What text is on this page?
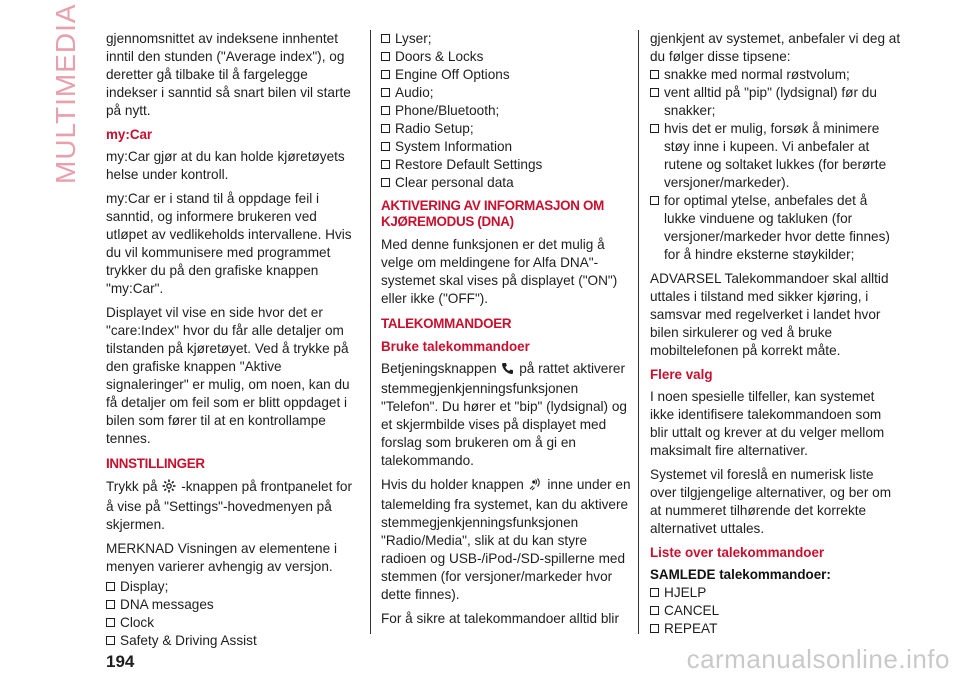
MULTIMEDIA gjennomsnittet av indeksene innhentet inntil den stunden ("Average index"), og deretter gå tilbake til å fargelegge indekser i sanntid så snart bilen vil starte på nytt.

my:Car

my:Car gjør at du kan holde kjøretøyets helse under kontroll.

my:Car er i stand til å oppdage feil i sanntid, og informere brukeren ved utløpet av vedlikeholds intervallene. Hvis du vil kommunisere med programmet trykker du på den grafiske knappen "my:Car".

Displayet vil vise en side hvor det er "care:Index" hvor du får alle detaljer om tilstanden på kjøretøyet. Ved å trykke på den grafiske knappen "Aktive signaleringer" er mulig, om noen, kan du få detaljer om feil som er blitt oppdaget i bilen som fører til at en kontrollampe tennes.

INNSTILLINGER

Trykk på -knappen på frontpanelet for å vise på "Settings"-hovedmenyen på skjermen.

MERKNAD Visningen av elementene i menyen varierer avhengig av versjon.

Display;
DNA messages
Clock
Safety & Driving Assist
Lyser;
Doors & Locks
Engine Off Options
Audio;
Phone/Bluetooth;
Radio Setup;
System Information
Restore Default Settings
Clear personal data
AKTIVERING AV INFORMASJON OM KJØREMODUS (DNA)

Med denne funksjonen er det mulig å velge om meldingene for Alfa DNA"-systemet skal vises på displayet ("ON") eller ikke ("OFF").

TALEKOMMANDOER
Bruke talekommandoer

Betjeningsknappen på rattet aktiverer stemmegjenkjenningsfunksjonen "Telefon". Du hører et "bip" (lydsignal) og et skjermbilde vises på displayet med forslag som brukeren om å gi en talekommando.

Hvis du holder knappen inne under en talemelding fra systemet, kan du aktivere stemmegjenkjenningsfunksjonen "Radio/Media", slik at du kan styre radioen og USB-/iPod-/SD-spillerne med stemmen (for versjoner/markeder hvor dette finnes).

For å sikre at talekommandoer alltid blir

gjenkjent av systemet, anbefaler vi deg at du følger disse tipsene:

snakke med normal røstvolum;
vent alltid på "pip" (lydsignal) før du snakker;
hvis det er mulig, forsøk å minimere støy inne i kupeen. Vi anbefaler at rutene og soltaket lukkes (for berørte versjoner/markeder).
for optimal ytelse, anbefales det å lukke vinduene og takluken (for versjoner/markeder hvor dette finnes) for å hindre eksterne støykilder;

ADVARSEL Talekommandoer skal alltid uttales i tilstand med sikker kjøring, i samsvar med regelverket i landet hvor bilen sirkulerer og ved å bruke mobiltelefonen på korrekt måte.

Flere valg

I noen spesielle tilfeller, kan systemet ikke identifisere talekommandoen som blir uttalt og krever at du velger mellom maksimalt fire alternativer.

Systemet vil foreslå en numerisk liste over tilgjengelige alternativer, og ber om at nummeret tilhørende det korrekte alternativet uttales.

Liste over talekommandoer
SAMLEDE talekommandoer:
HJELP
CANCEL
REPEAT
194	carmanualsonline.info
